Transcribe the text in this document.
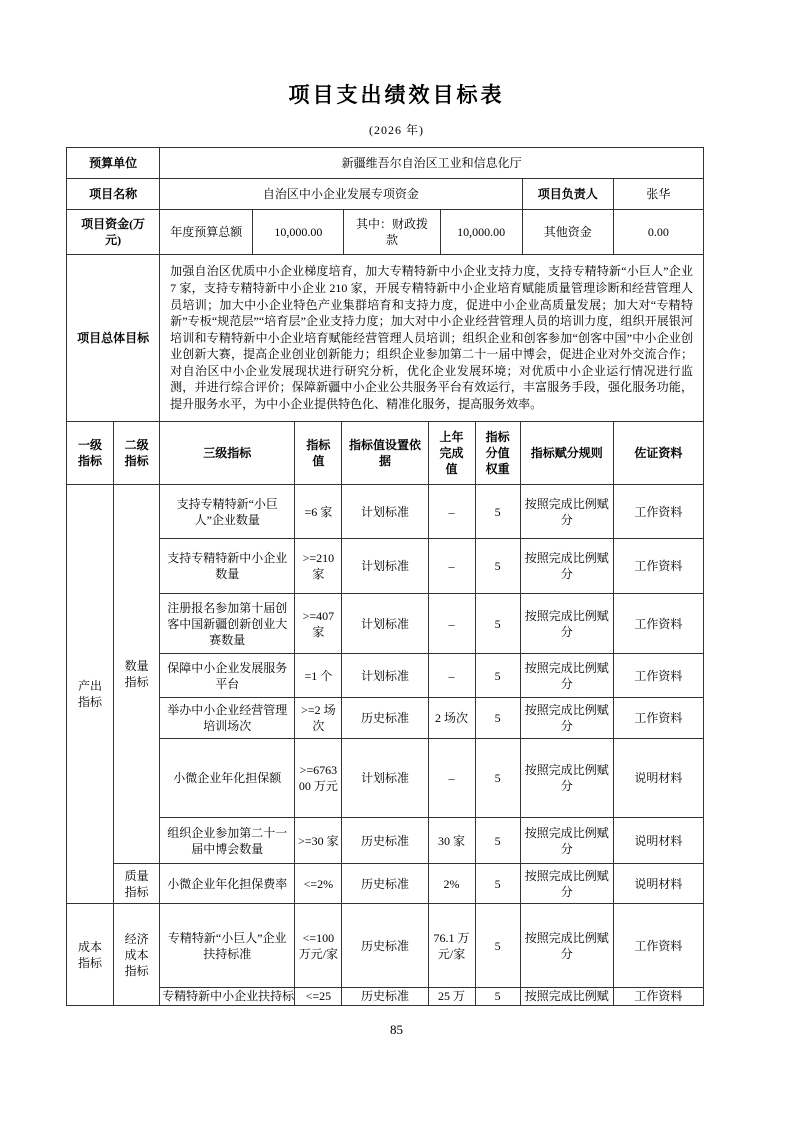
项目支出绩效目标表
(2026 年)
预算单位	新疆维吾尔自治区工业和信息化厅					
项目名称	自治区中小企业发展专项资金				项目负责人	张华
项目资金(万元)	年度预算总额	10,000.00	其中：财政拨款	10,000.00	其他资金	0.00
项目总体目标	加强自治区优质中小企业梯度培育，加大专精特新中小企业支持力度，支持专精特新“小巨人”企业 7 家，支持专精特新中小企业 210 家，开展专精特新中小企业培育赋能质量管理诊断和经营管理人员培训；加大中小企业特色产业集群培育和支持力度，促进中小企业高质量发展；加大对“专精特新”专板“规范层”“培育层”企业支持力度；加大对中小企业经营管理人员的培训力度，组织开展银河培训和专精特新中小企业培育赋能经营管理人员培训；组织企业和创客参加“创客中国”中小企业创业创新大赛，提高企业创业创新能力；组织企业参加第二十一届中博会，促进企业对外交流合作；对自治区中小企业发展现状进行研究分析，优化企业发展环境；对优质中小企业运行情况进行监测，并进行综合评价；保障新疆中小企业公共服务平台有效运行，丰富服务手段，强化服务功能，提升服务水平，为中小企业提供特色化、精准化服务，提高服务效率。					
一级指标	二级指标	三级指标	指标值	指标值设置依据	上年完成值	指标分值权重	指标赋分规则	佐证资料
产出指标	数量指标	支持专精特新“小巨人”企业数量	=6 家	计划标准	–	5	按照完成比例赋分	工作资料
		支持专精特新中小企业数量	>=210 家	计划标准	–	5	按照完成比例赋分	工作资料
		注册报名参加第十届创客中国新疆创新创业大赛数量	>=407 家	计划标准	–	5	按照完成比例赋分	工作资料
		保障中小企业发展服务平台	=1 个	计划标准	–	5	按照完成比例赋分	工作资料
		举办中小企业经营管理培训场次	>=2 场次	历史标准	2 场次	5	按照完成比例赋分	工作资料
		小微企业年化担保额	>=676300 万元	计划标准	–	5	按照完成比例赋分	说明材料
		组织企业参加第二十一届中博会数量	>=30 家	历史标准	30 家	5	按照完成比例赋分	说明材料
	质量指标	小微企业年化担保费率	<=2%	历史标准	2%	5	按照完成比例赋分	说明材料
成本指标	经济成本指标	专精特新“小巨人”企业扶持标准	<=100 万元/家	历史标准	76.1 万元/家	5	按照完成比例赋分	工作资料
		专精特新中小企业扶持标	<=25	历史标准	25 万	5	按照完成比例赋	工作资料
85
